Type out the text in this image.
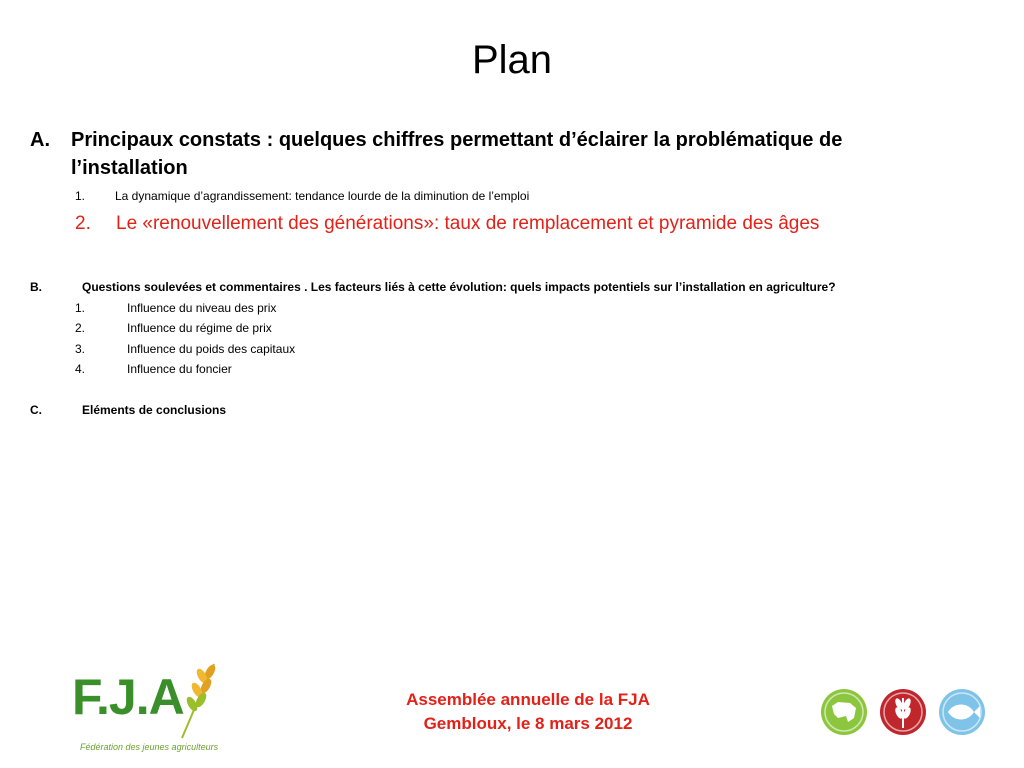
Plan
A. Principaux constats : quelques chiffres permettant d’éclairer la problématique de l’installation
1. La dynamique d’agrandissement: tendance lourde de la diminution de l’emploi
2. Le «renouvellement des générations»: taux de remplacement et pyramide des âges
B.	Questions soulevées et commentaires . Les facteurs liés à cette évolution: quels impacts potentiels sur l’installation en agriculture?
1.	Influence du niveau des prix
2.	Influence du régime de prix
3.	Influence du poids des capitaux
4.	Influence du foncier
C.	Eléments de conclusions
F.J.A
Fédération des jeunes agriculteurs
Assemblée annuelle de la FJA
Gembloux, le 8 mars 2012
